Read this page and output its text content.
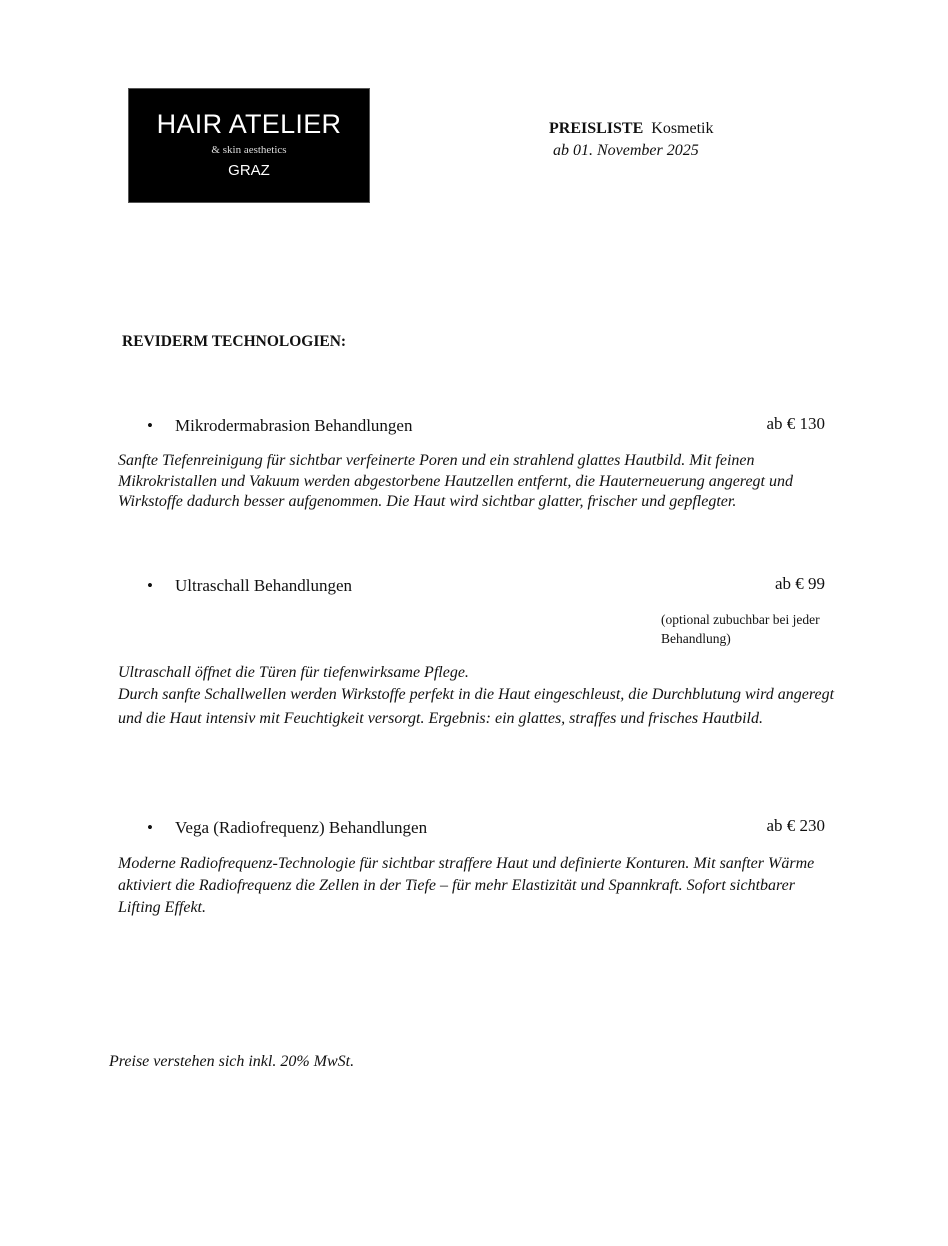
HAIR ATELIER
& skin aesthetics
GRAZ
PREISLISTE Kosmetik
ab 01. November 2025
REVIDERM TECHNOLOGIEN:
• Mikrodermabrasion Behandlungen	ab € 130

Sanfte Tiefenreinigung für sichtbar verfeinerte Poren und ein strahlend glattes Hautbild. Mit feinen Mikrokristallen und Vakuum werden abgestorbene Hautzellen entfernt, die Hauterneuerung angeregt und Wirkstoffe dadurch besser aufgenommen. Die Haut wird sichtbar glatter, frischer und gepflegter.

• Ultraschall Behandlungen	ab € 99
(optional zubuchbar bei jeder Behandlung)

Ultraschall öffnet die Türen für tiefenwirksame Pflege.

Durch sanfte Schallwellen werden Wirkstoffe perfekt in die Haut eingeschleust, die Durchblutung wird angeregt und die Haut intensiv mit Feuchtigkeit versorgt. Ergebnis: ein glattes, straffes und frisches Hautbild.

• Vega (Radiofrequenz) Behandlungen	ab € 230

Moderne Radiofrequenz-Technologie für sichtbar straffere Haut und definierte Konturen. Mit sanfter Wärme aktiviert die Radiofrequenz die Zellen in der Tiefe – für mehr Elastizität und Spannkraft. Sofort sichtbarer Lifting Effekt.

Preise verstehen sich inkl. 20% MwSt.
